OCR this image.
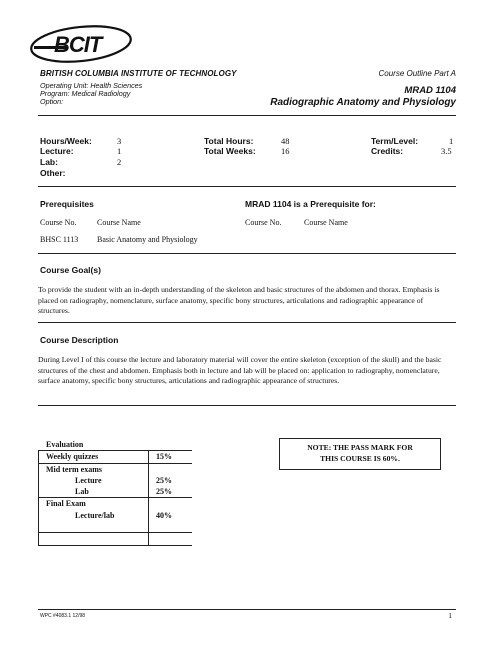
BCIT
BRITISH COLUMBIA INSTITUTE OF TECHNOLOGY
Operating Unit: Health Sciences
Program: Medical Radiology
Option:
Course Outline Part A
MRAD 1104
Radiographic Anatomy and Physiology
Hours/Week:	3
Lecture:	1
Lab:	2
Other:
Total Hours:	48
Total Weeks:	16
Term/Level:	1
Credits:	3.5
Prerequisites	MRAD 1104 is a Prerequisite for:
Course No.	Course Name	Course No.	Course Name
BHSC 1113 Basic Anatomy and Physiology
Course Goal(s)
To provide the student with an in-depth understanding of the skeleton and basic structures of the abdomen and thorax. Emphasis is placed on radiography, nomenclature, surface anatomy, specific bony structures, articulations and radiographic appearance of structures.
Course Description
During Level I of this course the lecture and laboratory material will cover the entire skeleton (exception of the skull) and the basic structures of the chest and abdomen. Emphasis both in lecture and lab will be placed on: application to radiography, nomenclature, surface anatomy, specific bony structures, articulations and radiographic appearance of structures.
Evaluation
Weekly quizzes	15%
Mid term exams
Lecture	25%
Lab	25%
Final Exam
Lecture/lab	40%
NOTE: THE PASS MARK FOR
THIS COURSE IS 60%.
WPC #4083.1 12/98	1
